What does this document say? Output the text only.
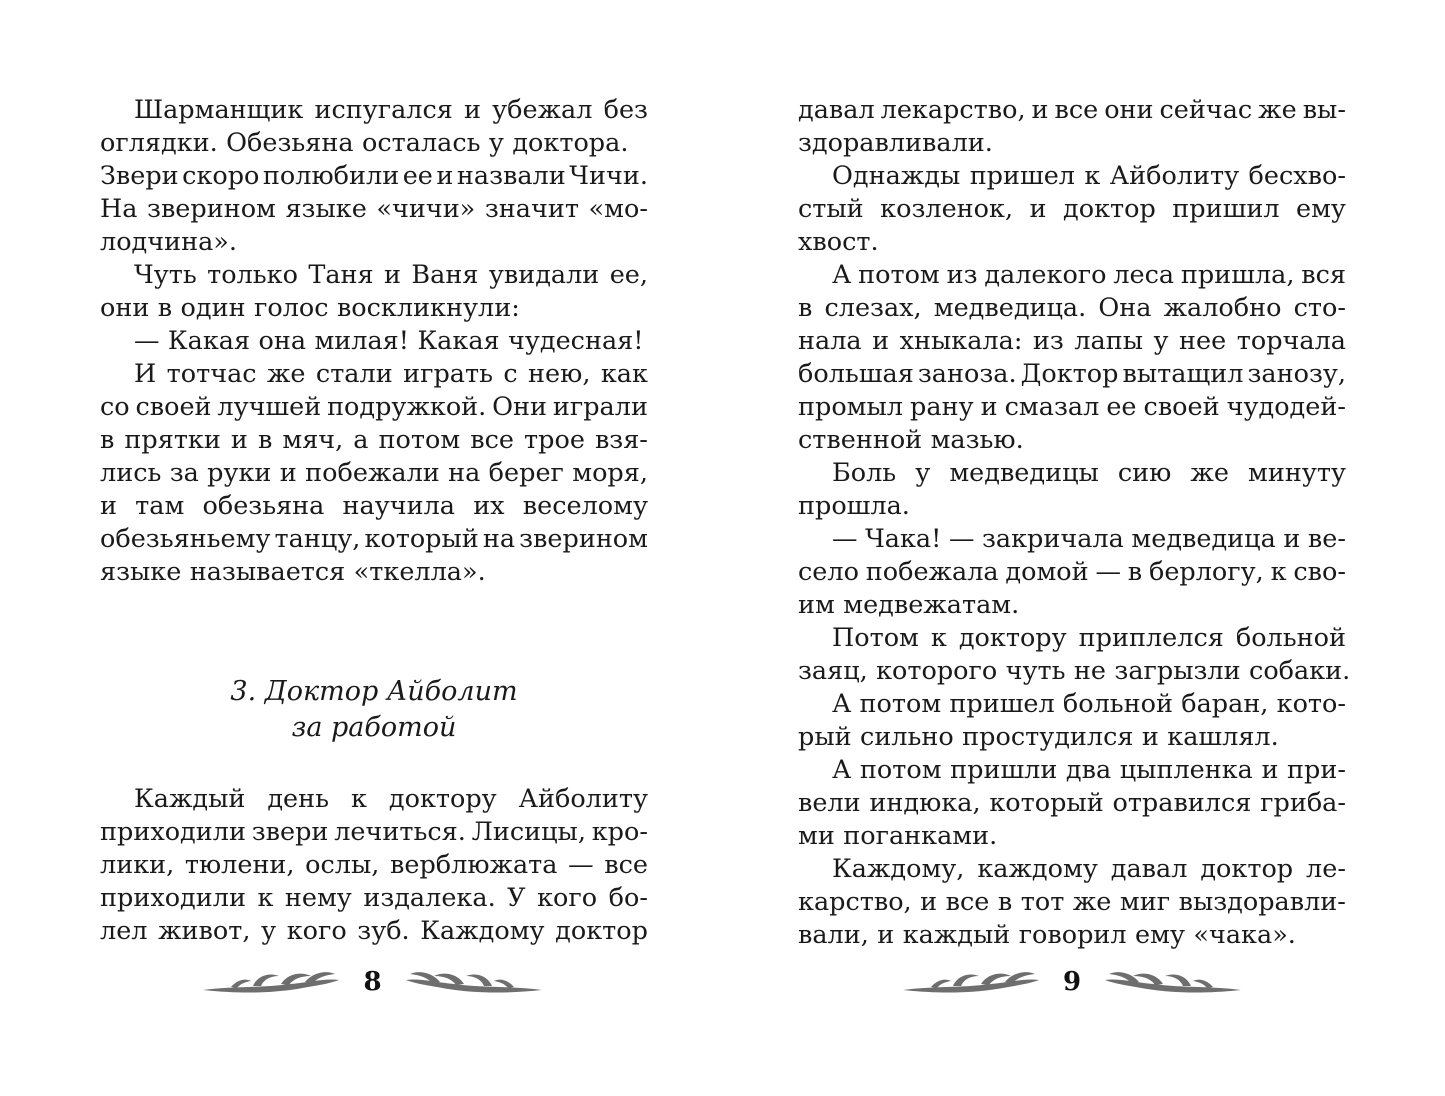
Шарманщик испугался и убежал без
оглядки. Обезьяна осталась у доктора.
Звери скоро полюбили ее и назвали Чичи.
На зверином языке «чичи» значит «мо-
лодчина».
Чуть только Таня и Ваня увидали ее,
они в один голос воскликнули:
— Какая она милая! Какая чудесная!
И тотчас же стали играть с нею, как
со своей лучшей подружкой. Они играли
в прятки и в мяч, а потом все трое взя-
лись за руки и побежали на берег моря,
и там обезьяна научила их веселому
обезьяньему танцу, который на зверином
языке называется «ткелла».
3. Доктор Айболит
за работой
Каждый день к доктору Айболиту
приходили звери лечиться. Лисицы, кро-
лики, тюлени, ослы, верблюжата — все
приходили к нему издалека. У кого бо-
лел живот, у кого зуб. Каждому доктор
8
давал лекарство, и все они сейчас же вы-
здоравливали.
Однажды пришел к Айболиту бесхво-
стый козленок, и доктор пришил ему
хвост.
А потом из далекого леса пришла, вся
в слезах, медведица. Она жалобно сто-
нала и хныкала: из лапы у нее торчала
большая заноза. Доктор вытащил занозу,
промыл рану и смазал ее своей чудодей-
ственной мазью.
Боль у медведицы сию же минуту
прошла.
— Чака! — закричала медведица и ве-
село побежала домой — в берлогу, к сво-
им медвежатам.
Потом к доктору приплелся больной
заяц, которого чуть не загрызли собаки.
А потом пришел больной баран, кото-
рый сильно простудился и кашлял.
А потом пришли два цыпленка и при-
вели индюка, который отравился гриба-
ми поганками.
Каждому, каждому давал доктор ле-
карство, и все в тот же миг выздоравли-
вали, и каждый говорил ему «чака».
9
